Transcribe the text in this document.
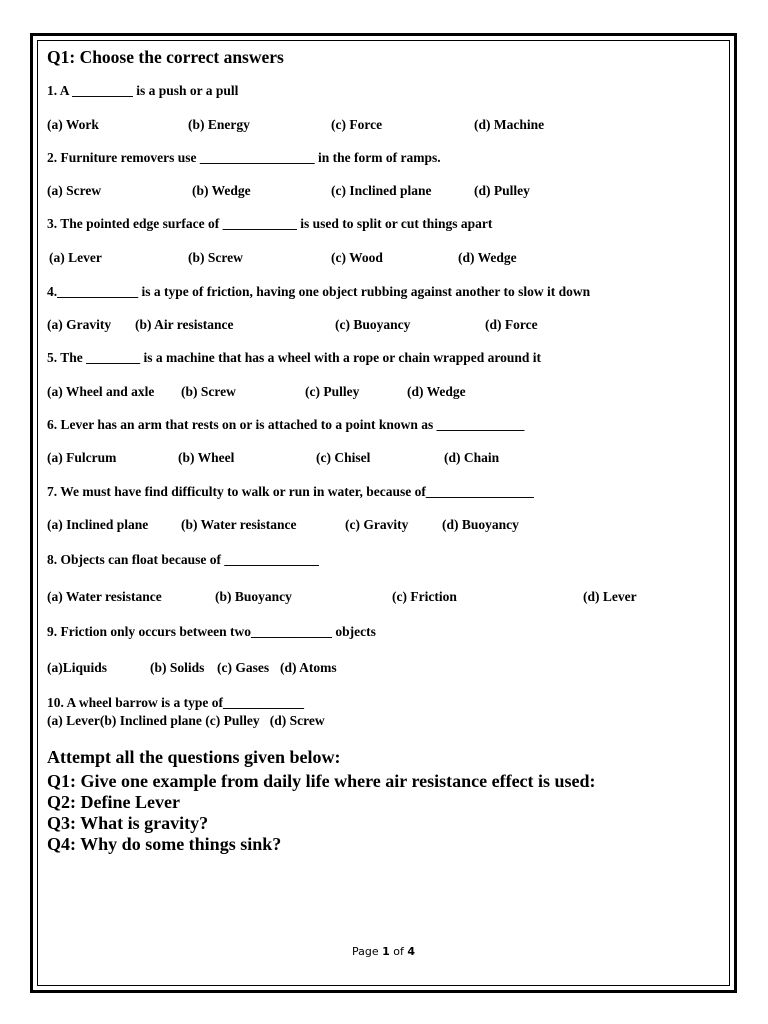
Q1: Choose the correct answers
1. A _________ is a push or a pull
(a) Work	(b) Energy	(c) Force	(d) Machine
2. Furniture removers use _________________ in the form of ramps.
(a) Screw	(b) Wedge	(c) Inclined plane	(d) Pulley
3. The pointed edge surface of ___________ is used to split or cut things apart
(a) Lever	(b) Screw	(c) Wood	(d) Wedge
4.____________ is a type of friction, having one object rubbing against another to slow it down
(a) Gravity (b) Air resistance	(c) Buoyancy	(d) Force
5. The ________ is a machine that has a wheel with a rope or chain wrapped around it
(a) Wheel and axle (b) Screw	(c) Pulley	(d) Wedge
6. Lever has an arm that rests on or is attached to a point known as _____________
(a) Fulcrum	(b) Wheel	(c) Chisel	(d) Chain
7. We must have find difficulty to walk or run in water, because of________________
(a) Inclined plane (b) Water resistance	(c) Gravity (d) Buoyancy
8. Objects can float because of ______________
(a) Water resistance	(b) Buoyancy	(c) Friction	(d) Lever
9. Friction only occurs between two____________ objects
(a)Liquids	(b) Solids (c) Gases (d) Atoms
10. A wheel barrow is a type of____________
(a) Lever(b) Inclined plane (c) Pulley (d) Screw
Attempt all the questions given below:
Q1: Give one example from daily life where air resistance effect is used:
Q2: Define Lever
Q3: What is gravity?
Q4: Why do some things sink?
Page 1 of 4
